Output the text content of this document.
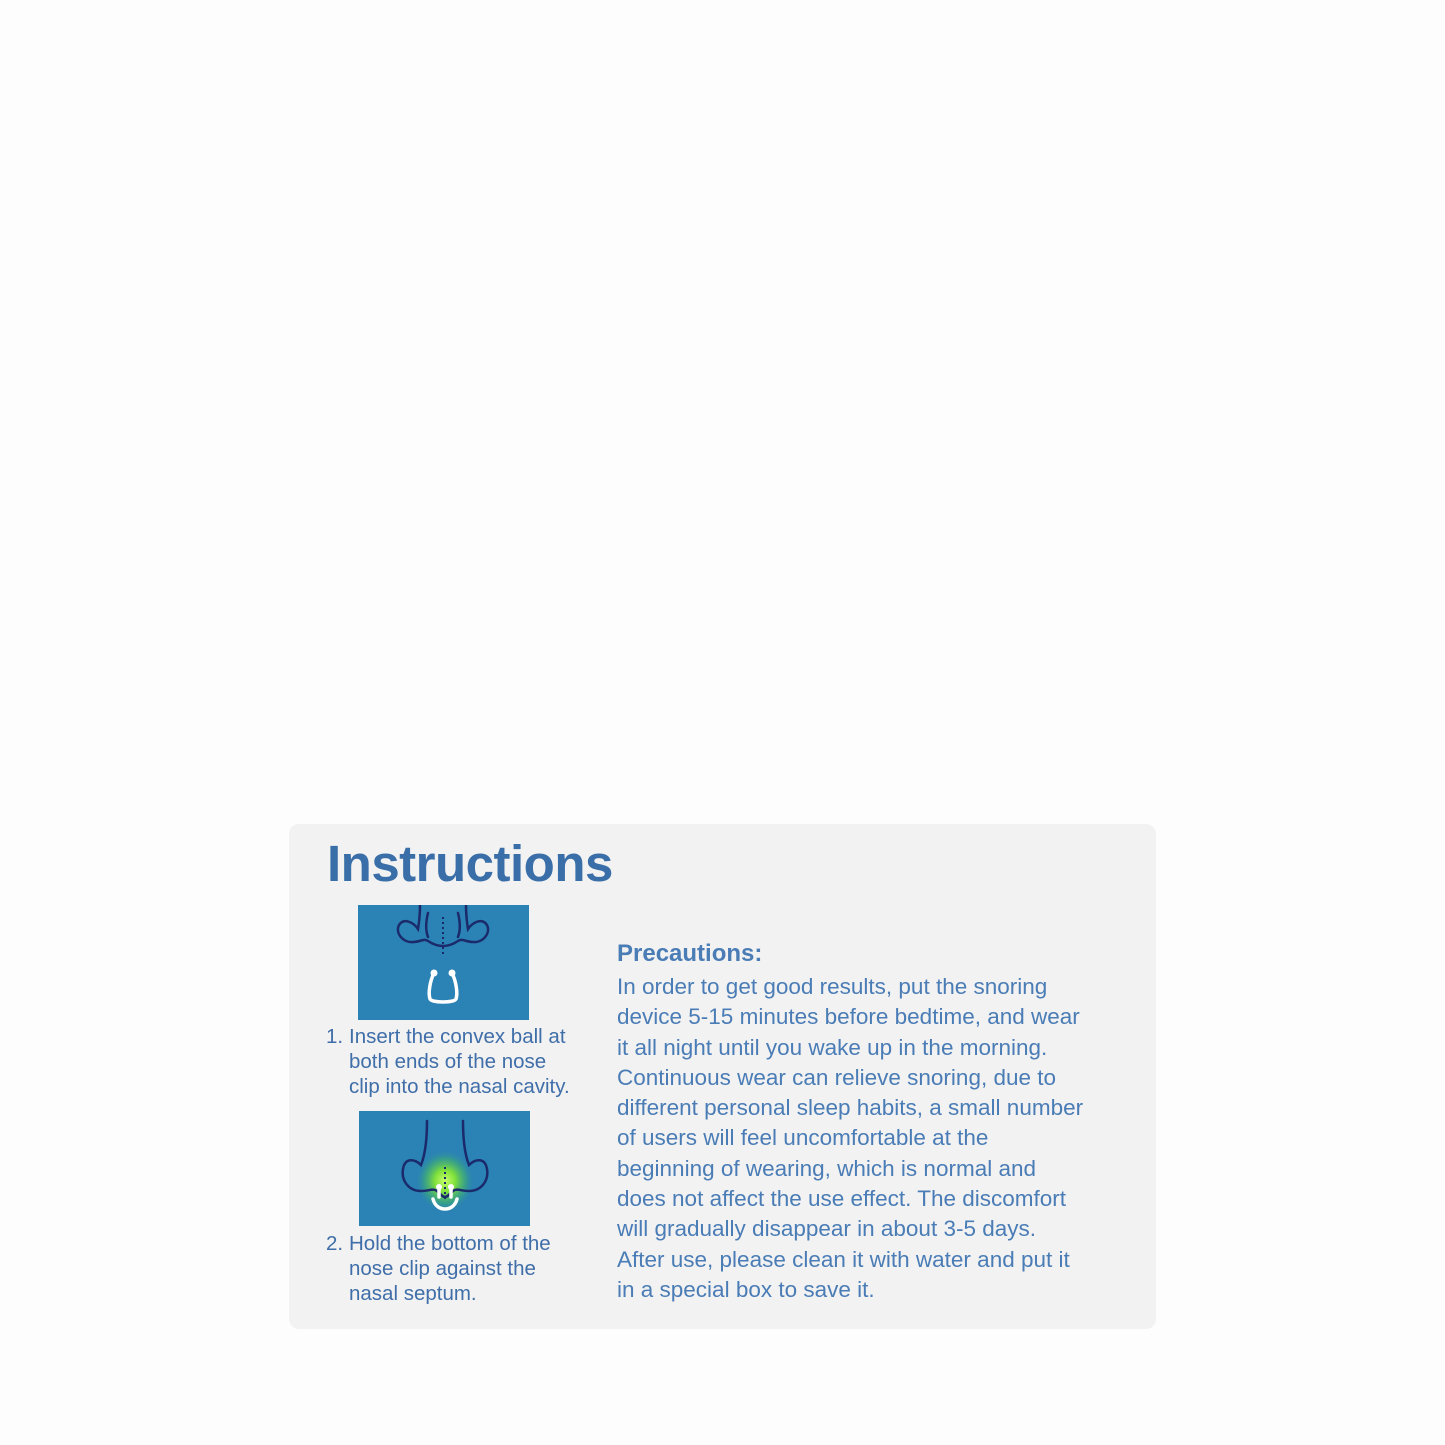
Instructions
1. Insert the convex ball at
both ends of the nose
clip into the nasal cavity.
2. Hold the bottom of the
nose clip against the
nasal septum.
Precautions:
In order to get good results, put the snoring
device 5-15 minutes before bedtime, and wear
it all night until you wake up in the morning.
Continuous wear can relieve snoring, due to
different personal sleep habits, a small number
of users will feel uncomfortable at the
beginning of wearing, which is normal and
does not affect the use effect. The discomfort
will gradually disappear in about 3-5 days.
After use, please clean it with water and put it
in a special box to save it.
